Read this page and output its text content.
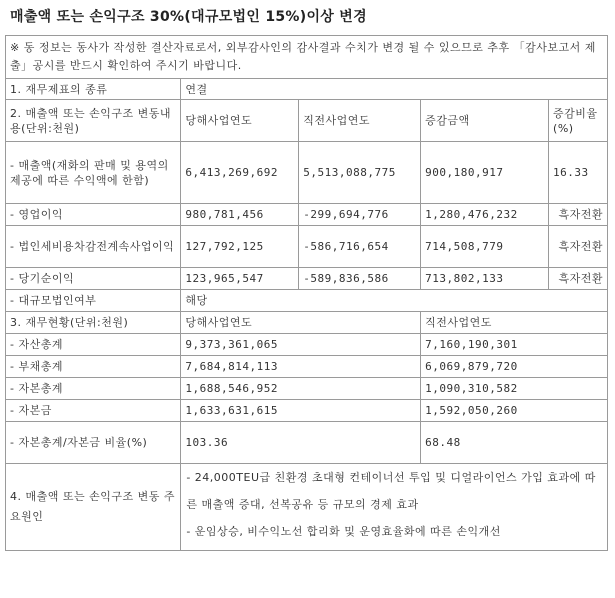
매출액 또는 손익구조 30%(대규모법인 15%)이상 변경
※ 동 정보는 동사가 작성한 결산자료로서, 외부감사인의 감사결과 수치가 변경 될 수 있으므로 추후 「감사보고서 제출」공시를 반드시 확인하여 주시기 바랍니다.				
1. 재무제표의 종류	연결			
2. 매출액 또는 손익구조 변동내용(단위:천원)	당해사업연도	직전사업연도	증감금액	증감비율(%)
- 매출액(재화의 판매 및 용역의 제공에 따른 수익액에 한함)	6,413,269,692	5,513,088,775	900,180,917	16.33
- 영업이익	980,781,456	-299,694,776	1,280,476,232	흑자전환
- 법인세비용차감전계속사업이익	127,792,125	-586,716,654	714,508,779	흑자전환
- 당기순이익	123,965,547	-589,836,586	713,802,133	흑자전환
- 대규모법인여부	해당			
3. 재무현황(단위:천원)	당해사업연도		직전사업연도	
- 자산총계	9,373,361,065		7,160,190,301	
- 부채총계	7,684,814,113		6,069,879,720	
- 자본총계	1,688,546,952		1,090,310,582	
- 자본금	1,633,631,615		1,592,050,260	
- 자본총계/자본금 비율(%)	103.36		68.48	
4. 매출액 또는 손익구조 변동 주요원인	- 24,000TEU급 친환경 초대형 컨테이너선 투입 및 디얼라이언스 가입 효과에 따른 매출액 증대, 선복공유 등 규모의 경제 효과
- 운임상승, 비수익노선 합리화 및 운영효율화에 따른 손익개선			
